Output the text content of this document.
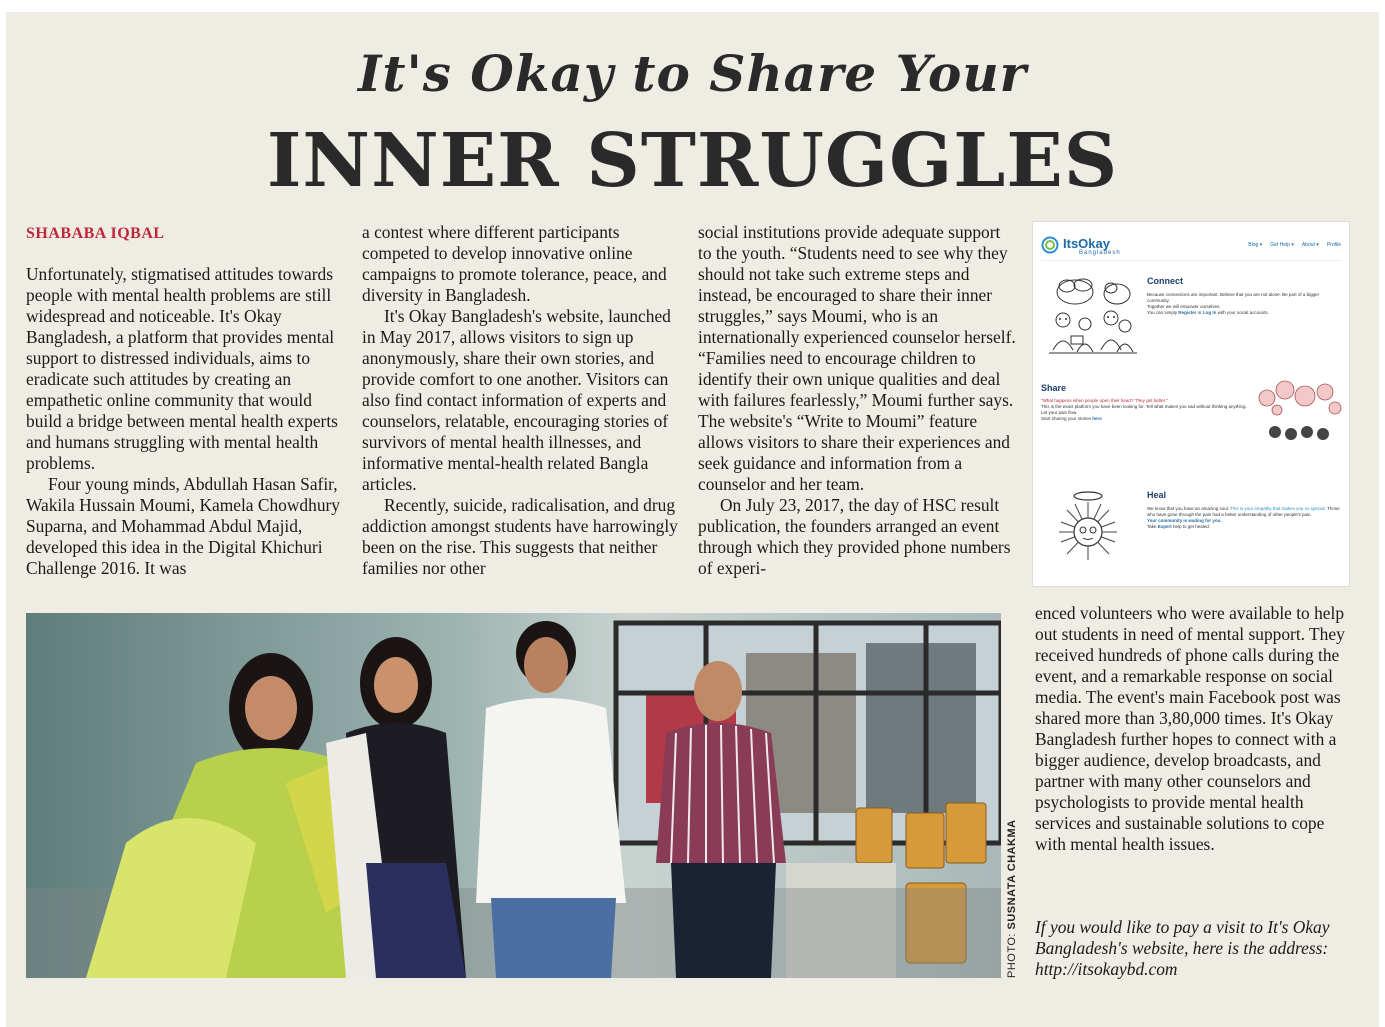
It's Okay to Share Your
INNER STRUGGLES
SHABABA IQBAL

Unfortunately, stigmatised attitudes towards people with mental health problems are still widespread and noticeable. It's Okay Bangladesh, a platform that provides mental support to distressed individuals, aims to eradicate such attitudes by creating an empathetic online community that would build a bridge between mental health experts and humans struggling with mental health problems.

Four young minds, Abdullah Hasan Safir, Wakila Hussain Moumi, Kamela Chowdhury Suparna, and Mohammad Abdul Majid, developed this idea in the Digital Khichuri Challenge 2016. It was

a contest where different participants competed to develop innovative online campaigns to promote tolerance, peace, and diversity in Bangladesh.

It's Okay Bangladesh's website, launched in May 2017, allows visitors to sign up anonymously, share their own stories, and provide comfort to one another. Visitors can also find contact information of experts and counselors, relatable, encouraging stories of survivors of mental health illnesses, and informative mental-health related Bangla articles.

Recently, suicide, radicalisation, and drug addiction amongst students have harrowingly been on the rise. This suggests that neither families nor other

social institutions provide adequate support to the youth. “Students need to see why they should not take such extreme steps and instead, be encouraged to share their inner struggles,” says Moumi, who is an internationally experienced counselor herself. “Families need to encourage children to identify their own unique qualities and deal with failures fearlessly,” Moumi further says. The website's “Write to Moumi” feature allows visitors to share their experiences and seek guidance and information from a counselor and her team.

On July 23, 2017, the day of HSC result publication, the founders arranged an event through which they provided phone numbers of experi-

enced volunteers who were available to help out students in need of mental support. They received hundreds of phone calls during the event, and a remarkable response on social media. The event's main Facebook post was shared more than 3,80,000 times. It's Okay Bangladesh further hopes to connect with a bigger audience, develop broadcasts, and partner with many other counselors and psychologists to provide mental health services and sustainable solutions to cope with mental health issues.

If you would like to pay a visit to It's Okay Bangladesh's website, here is the address: http://itsokaybd.com

ItsOkay
Bangladesh
Blog ▾ Get Help ▾ About ▾ Profile
Connect
Because connections are important. Believe that you are not alone. Be part of a bigger community.
Together we will empower ourselves.
You can simply Register or Log In with your social accounts.
Share
"What happens when people open their heart? They get better."
This is the exact platform you have been looking for. Tell what makes you sad without thinking anything.
Let your pain flow.
Start sharing your stories here
Heal
We know that you have an amazing soul. This is your empathy that makes you so special. Those who have gone through the pain had a better understanding of other people's pain.
Your community is waiting for you.
Take Expert help to get healed.
PHOTO: SUSNATA CHAKMA
